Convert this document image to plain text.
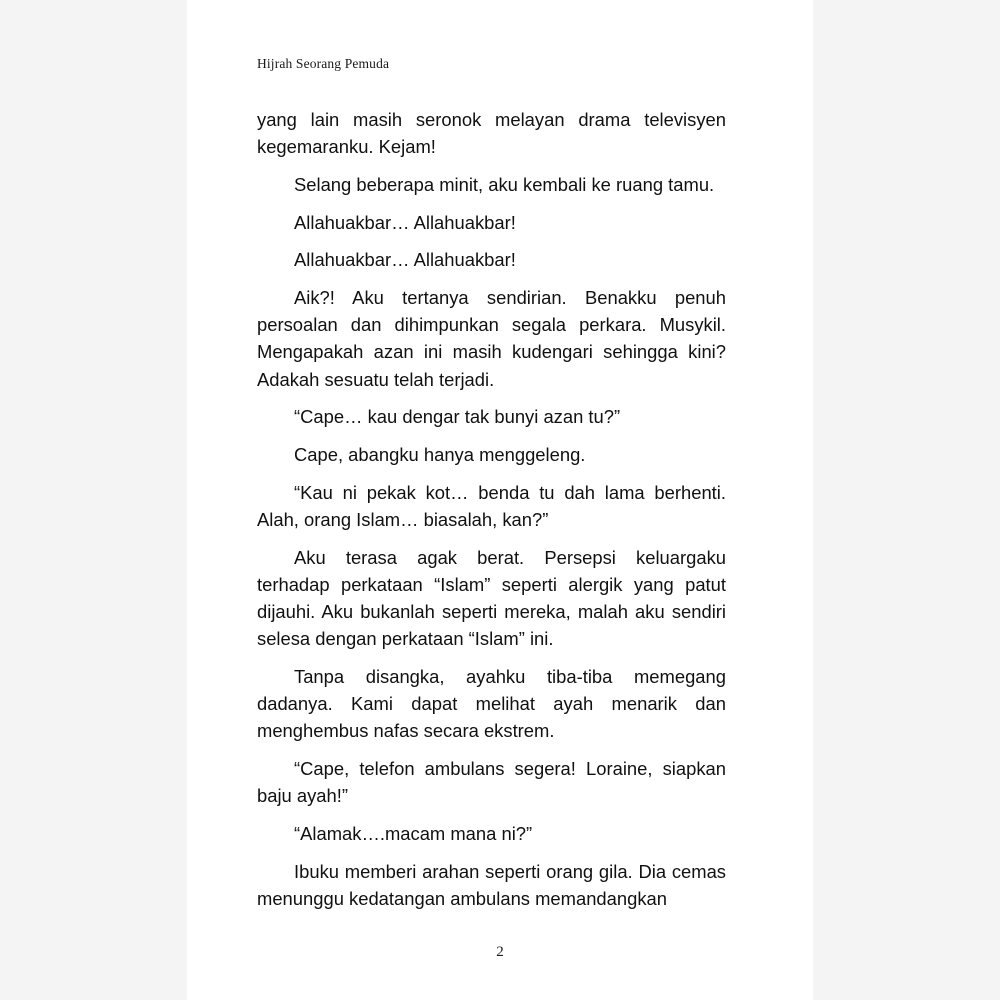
Hijrah Seorang Pemuda

yang lain masih seronok melayan drama televisyen kegemaranku. Kejam!

Selang beberapa minit, aku kembali ke ruang tamu.

Allahuakbar… Allahuakbar!

Allahuakbar… Allahuakbar!

Aik?! Aku tertanya sendirian. Benakku penuh persoalan dan dihimpunkan segala perkara. Musykil. Mengapakah azan ini masih kudengari sehingga kini? Adakah sesuatu telah terjadi.

“Cape… kau dengar tak bunyi azan tu?”

Cape, abangku hanya menggeleng.

“Kau ni pekak kot… benda tu dah lama berhenti. Alah, orang Islam… biasalah, kan?”

Aku terasa agak berat. Persepsi keluargaku terhadap perkataan “Islam” seperti alergik yang patut dijauhi. Aku bukanlah seperti mereka, malah aku sendiri selesa dengan perkataan “Islam” ini.

Tanpa disangka, ayahku tiba-tiba memegang dadanya. Kami dapat melihat ayah menarik dan menghembus nafas secara ekstrem.

“Cape, telefon ambulans segera! Loraine, siapkan baju ayah!”

“Alamak….macam mana ni?”

Ibuku memberi arahan seperti orang gila. Dia cemas menunggu kedatangan ambulans memandangkan

2
